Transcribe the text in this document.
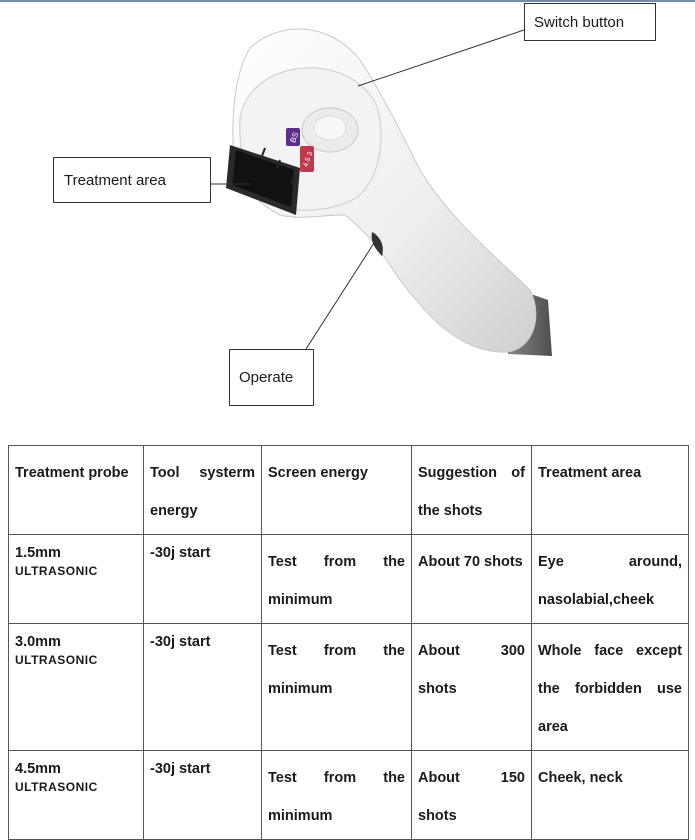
BS
4.5 3
Switch button
Treatment area
Operate
Treatment probe	Tool systerm energy	Screen energy	Suggestion of the shots	Treatment area

1.5mm
ULTRASONIC	-30j start	Test from the minimum	About 70 shots	Eye around, nasolabial,cheek

3.0mm
ULTRASONIC	-30j start	Test from the minimum	About 300 shots	Whole face except the forbidden use area

4.5mm
ULTRASONIC	-30j start	Test from the minimum	About 150 shots	Cheek, neck
